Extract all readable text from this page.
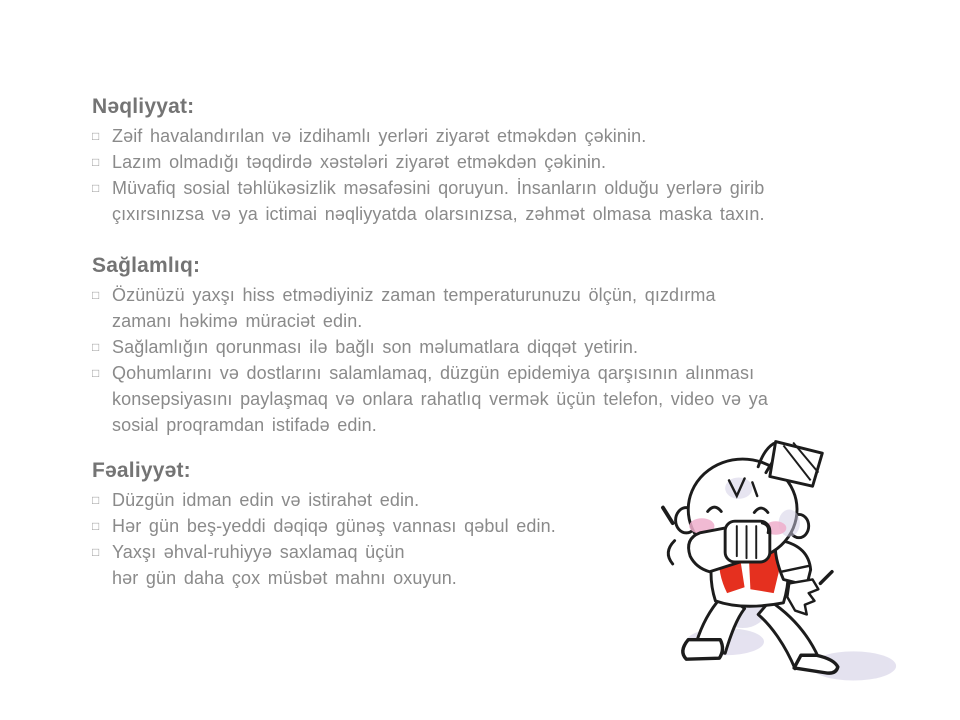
Nəqliyyat:
□ Zəif havalandırılan və izdihamlı yerləri ziyarət etməkdən çəkinin.
□ Lazım olmadığı təqdirdə xəstələri ziyarət etməkdən çəkinin.
□ Müvafiq sosial təhlükəsizlik məsafəsini qoruyun. İnsanların olduğu yerlərə girib
çıxırsınızsa və ya ictimai nəqliyyatda olarsınızsa, zəhmət olmasa maska taxın.
Sağlamlıq:
□ Özünüzü yaxşı hiss etmədiyiniz zaman temperaturunuzu ölçün, qızdırma
zamanı həkimə müraciət edin.
□ Sağlamlığın qorunması ilə bağlı son məlumatlara diqqət yetirin.
□ Qohumlarını və dostlarını salamlamaq, düzgün epidemiya qarşısının alınması
konsepsiyasını paylaşmaq və onlara rahatlıq vermək üçün telefon, video və ya
sosial proqramdan istifadə edin.
Fəaliyyət:
□ Düzgün idman edin və istirahət edin.
□ Hər gün beş-yeddi dəqiqə günəş vannası qəbul edin.
□ Yaxşı əhval-ruhiyyə saxlamaq üçün
hər gün daha çox müsbət mahnı oxuyun.
